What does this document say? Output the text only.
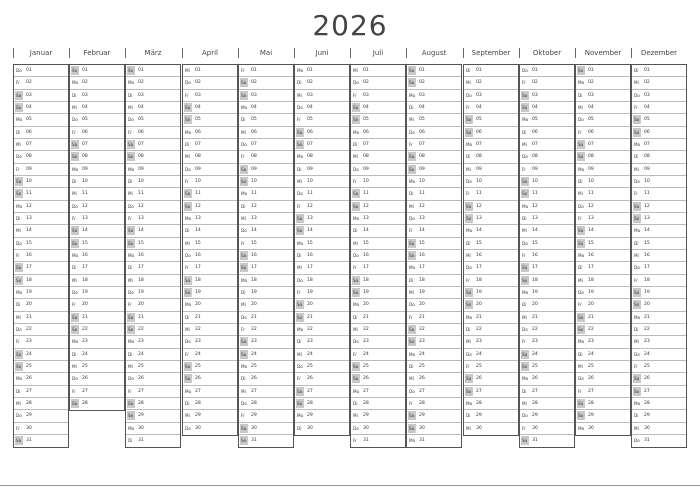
2026
Januar
Do 01
Fr	02
Sa	03
So	04
Mo 05
Di	06
Mi	07
Do 08
Fr	09
Sa	10
So	11
Mo 12
Di	13
Mi	14
Do 15
Fr	16
Sa	17
So	18
Mo 19
Di	20
Mi	21
Do 22
Fr	23
Sa	24
So	25
Mo 26
Di	27
Mi	28
Do 29
Fr	30
Sa	31
Februar
So	01
Mo 02
Di	03
Mi	04
Do 05
Fr	06
Sa	07
So	08
Mo 09
Di	10
Mi	11
Do 12
Fr	13
Sa	14
So	15
Mo 16
Di	17
Mi	18
Do 19
Fr	20
Sa	21
So	22
Mo 23
Di	24
Mi	25
Do 26
Fr	27
Sa	28
März
So	01
Mo 02
Di	03
Mi	04
Do 05
Fr	06
Sa	07
So	08
Mo 09
Di	10
Mi	11
Do 12
Fr	13
Sa	14
So	15
Mo 16
Di	17
Mi	18
Do 19
Fr	20
Sa	21
So	22
Mo 23
Di	24
Mi	25
Do 26
Fr	27
Sa	28
So	29
Mo 30
Di	31
April
Mi	01
Do 02
Fr	03
Sa	04
So	05
Mo 06
Di	07
Mi	08
Do 09
Fr	10
Sa	11
So	12
Mo 13
Di	14
Mi	15
Do 16
Fr	17
Sa	18
So	19
Mo 20
Di	21
Mi	22
Do 23
Fr	24
Sa	25
So	26
Mo 27
Di	28
Mi	29
Do 30
Mai
Fr	01
Sa	02
So	03
Mo 04
Di	05
Mi	06
Do 07
Fr	08
Sa	09
So	10
Mo 11
Di	12
Mi	13
Do 14
Fr	15
Sa	16
So	17
Mo 18
Di	19
Mi	20
Do 21
Fr	22
Sa	23
So	24
Mo 25
Di	26
Mi	27
Do 28
Fr	29
Sa	30
So	31
Juni
Mo 01
Di	02
Mi	03
Do 04
Fr	05
Sa	06
So	07
Mo 08
Di	09
Mi	10
Do 11
Fr	12
Sa	13
So	14
Mo 15
Di	16
Mi	17
Do 18
Fr	19
Sa	20
So	21
Mo 22
Di	23
Mi	24
Do 25
Fr	26
Sa	27
So	28
Mo 29
Di	30
Juli
Mi	01
Do 02
Fr	03
Sa	04
So	05
Mo 06
Di	07
Mi	08
Do 09
Fr	10
Sa	11
So	12
Mo 13
Di	14
Mi	15
Do 16
Fr	17
Sa	18
So	19
Mo 20
Di	21
Mi	22
Do 23
Fr	24
Sa	25
So	26
Mo 27
Di	28
Mi	29
Do 30
Fr	31
August
Sa	01
So	02
Mo 03
Di	04
Mi	05
Do 06
Fr	07
Sa	08
So	09
Mo 10
Di	11
Mi	12
Do 13
Fr	14
Sa	15
So	16
Mo 17
Di	18
Mi	19
Do 20
Fr	21
Sa	22
So	23
Mo 24
Di	25
Mi	26
Do 27
Fr	28
Sa	29
So	30
Mo 31
September
Di	01
Mi	02
Do 03
Fr	04
Sa	05
So	06
Mo 07
Di	08
Mi	09
Do 10
Fr	11
Sa	12
So	13
Mo 14
Di	15
Mi	16
Do 17
Fr	18
Sa	19
So	20
Mo 21
Di	22
Mi	23
Do 24
Fr	25
Sa	26
So	27
Mo 28
Di	29
Mi	30
Oktober
Do 01
Fr	02
Sa	03
So	04
Mo 05
Di	06
Mi	07
Do 08
Fr	09
Sa	10
So	11
Mo 12
Di	13
Mi	14
Do 15
Fr	16
Sa	17
So	18
Mo 19
Di	20
Mi	21
Do 22
Fr	23
Sa	24
So	25
Mo 26
Di	27
Mi	28
Do 29
Fr	30
Sa	31
November
So	01
Mo 02
Di	03
Mi	04
Do 05
Fr	06
Sa	07
So	08
Mo 09
Di	10
Mi	11
Do 12
Fr	13
Sa	14
So	15
Mo 16
Di	17
Mi	18
Do 19
Fr	20
Sa	21
So	22
Mo 23
Di	24
Mi	25
Do 26
Fr	27
Sa	28
So	29
Mo 30
Dezember
Di	01
Mi	02
Do 03
Fr	04
Sa	05
So	06
Mo 07
Di	08
Mi	09
Do 10
Fr	11
Sa	12
So	13
Mo 14
Di	15
Mi	16
Do 17
Fr	18
Sa	19
So	20
Mo 21
Di	22
Mi	23
Do 24
Fr	25
Sa	26
So	27
Mo 28
Di	29
Mi	30
Do 31
